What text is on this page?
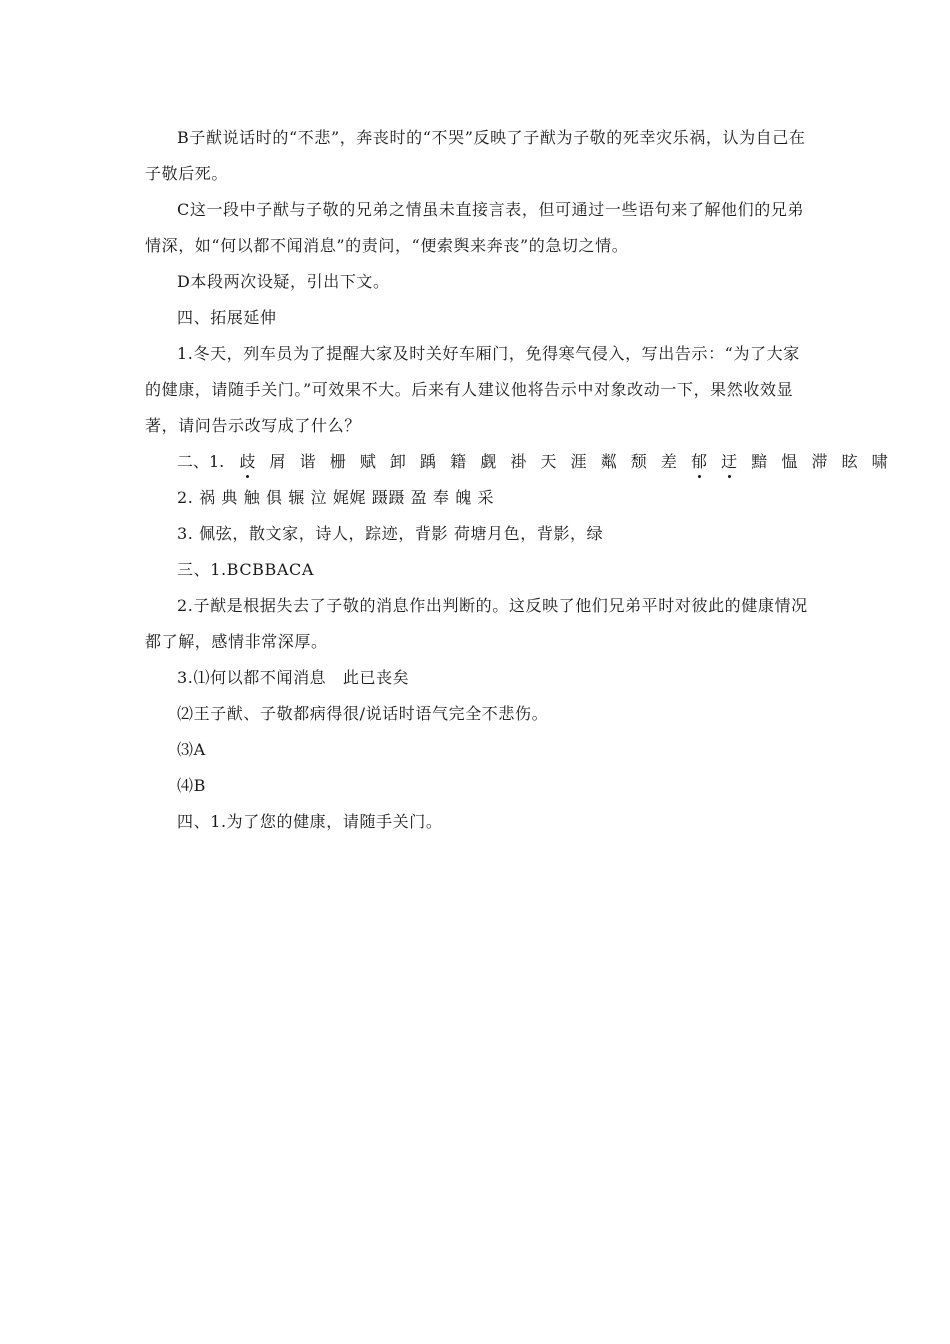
B子猷说话时的“不悲”，奔丧时的“不哭”反映了子猷为子敬的死幸灾乐祸，认为自己在子敬后死。

C这一段中子猷与子敬的兄弟之情虽未直接言表，但可通过一些语句来了解他们的兄弟情深，如“何以都不闻消息”的责问，“便索舆来奔丧”的急切之情。

D本段两次设疑，引出下文。

四、拓展延伸

1.冬天，列车员为了提醒大家及时关好车厢门，免得寒气侵入，写出告示：“为了大家的健康，请随手关门。”可效果不大。后来有人建议他将告示中对象改动一下，果然收效显著，请问告示改写成了什么？

二、1. 歧 屑 谐 栅 赋 卸 踽 籍 觑 褂 天 涯 粼 颓 差 郁 迂 黯 愠 滞 眩 啸

2. 祸 典 触 俱 辗 泣 娓娓 蹑蹑 盈 奉 魄 采

3. 佩弦，散文家，诗人，踪迹，背影 荷塘月色，背影，绿

三、1.BCBBACA

2.子猷是根据失去了子敬的消息作出判断的。这反映了他们兄弟平时对彼此的健康情况都了解，感情非常深厚。

3.⑴何以都不闻消息　此已丧矣

⑵王子猷、子敬都病得很/说话时语气完全不悲伤。

⑶A

⑷B

四、1.为了您的健康，请随手关门。
